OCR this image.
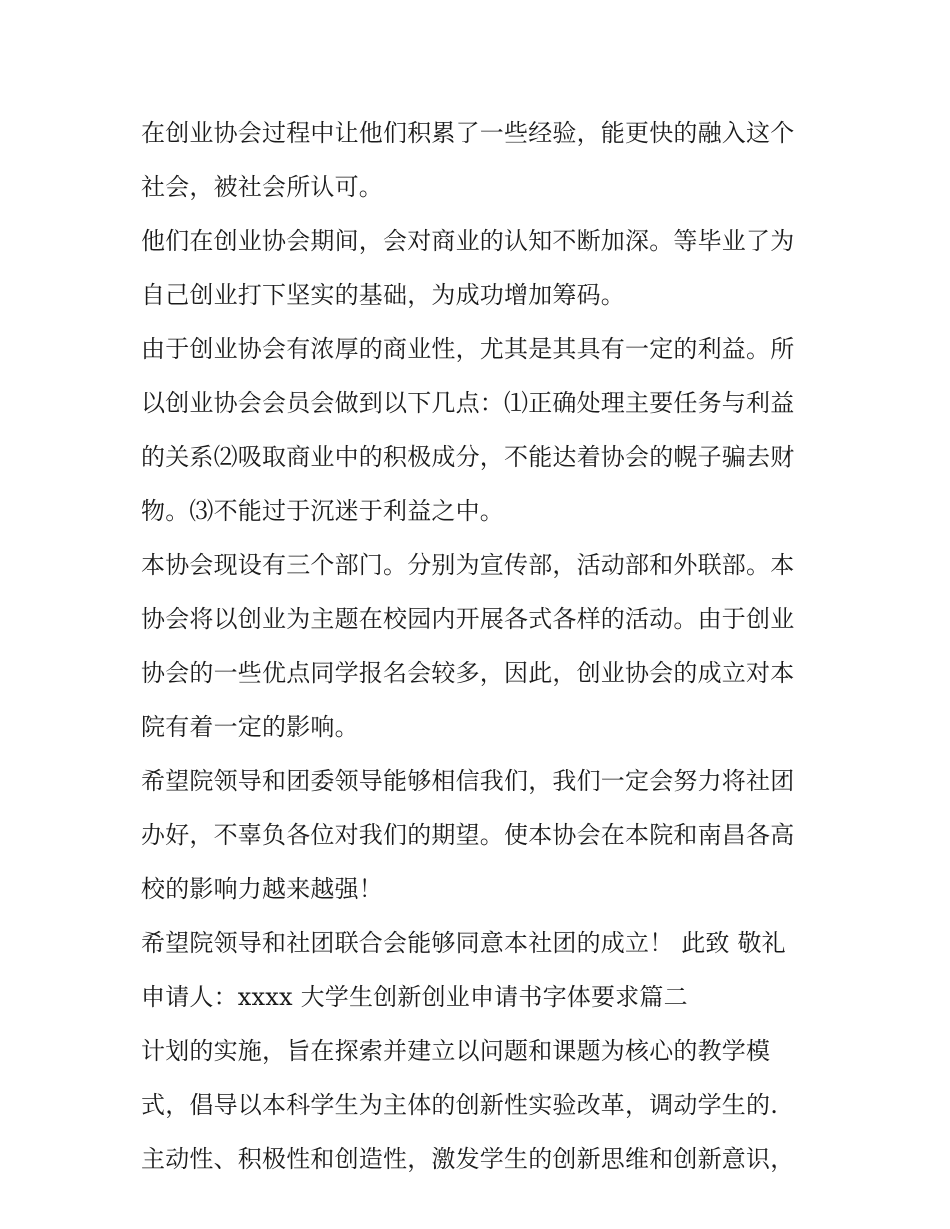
在创业协会过程中让他们积累了一些经验，能更快的融入这个
社会，被社会所认可。
他们在创业协会期间，会对商业的认知不断加深。等毕业了为
自己创业打下坚实的基础，为成功增加筹码。
由于创业协会有浓厚的商业性，尤其是其具有一定的利益。所
以创业协会会员会做到以下几点：⑴正确处理主要任务与利益
的关系⑵吸取商业中的积极成分，不能达着协会的幌子骗去财
物。⑶不能过于沉迷于利益之中。
本协会现设有三个部门。分别为宣传部，活动部和外联部。本
协会将以创业为主题在校园内开展各式各样的活动。由于创业
协会的一些优点同学报名会较多，因此，创业协会的成立对本
院有着一定的影响。
希望院领导和团委领导能够相信我们，我们一定会努力将社团
办好，不辜负各位对我们的期望。使本协会在本院和南昌各高
校的影响力越来越强！
希望院领导和社团联合会能够同意本社团的成立！ 此致 敬礼
申请人：xxxx 大学生创新创业申请书字体要求篇二
计划的实施，旨在探索并建立以问题和课题为核心的教学模
式，倡导以本科学生为主体的创新性实验改革，调动学生的.
主动性、积极性和创造性，激发学生的创新思维和创新意识，
